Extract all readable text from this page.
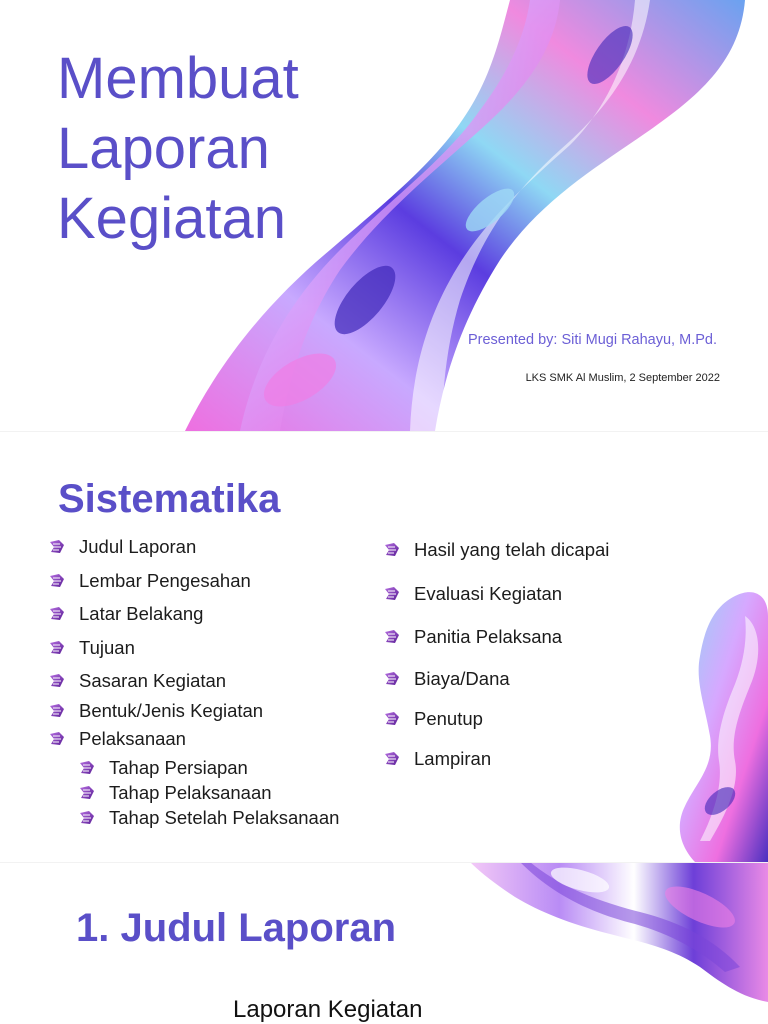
Membuat
Laporan
Kegiatan
Presented by: Siti Mugi Rahayu, M.Pd.
LKS SMK Al Muslim, 2 September 2022
Sistematika
Judul Laporan
Lembar Pengesahan
Latar Belakang
Tujuan
Sasaran Kegiatan
Bentuk/Jenis Kegiatan
Pelaksanaan
Tahap Persiapan
Tahap Pelaksanaan
Tahap Setelah Pelaksanaan
Hasil yang telah dicapai
Evaluasi Kegiatan
Panitia Pelaksana
Biaya/Dana
Penutup
Lampiran
1. Judul Laporan
Laporan Kegiatan
